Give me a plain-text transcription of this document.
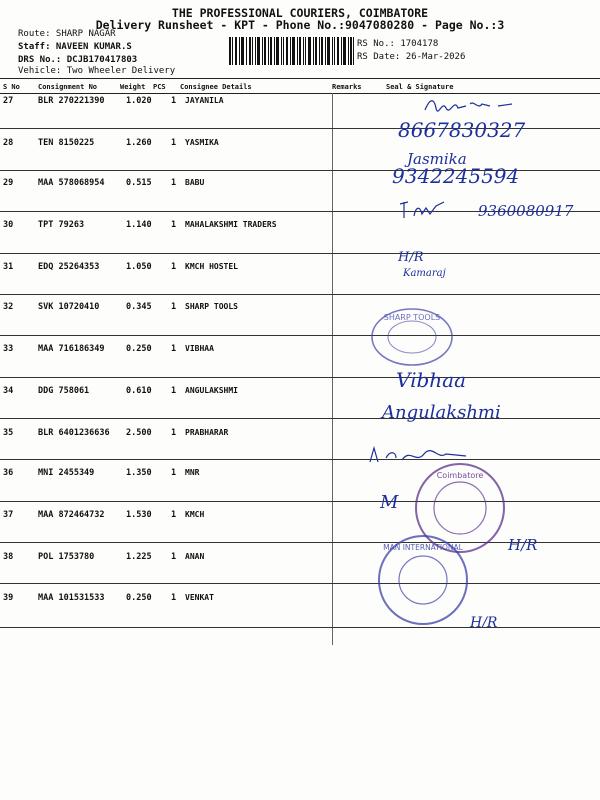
THE PROFESSIONAL COURIERS, COIMBATORE
Delivery Runsheet - KPT - Phone No.:9047080280 - Page No.:3
Route: SHARP NAGAR
Staff: NAVEEN KUMAR.S
DRS No.: DCJB170417803
Vehicle: Two Wheeler Delivery
RS No.: 1704178
RS Date: 26-Mar-2026
S No	Consignment No	Weight PCS Consignee Details	Remarks	Seal & Signature
27	BLR 270221390	1.020 1 JAYANILA
28	TEN 8150225	1.260 1 YASMIKA
29	MAA 578068954	0.515 1 BABU
30	TPT 79263	1.140 1 MAHALAKSHMI TRADERS
31	EDQ 25264353	1.050 1 KMCH HOSTEL
32	SVK 10720410	0.345 1 SHARP TOOLS
33	MAA 716186349	0.250 1 VIBHAA
34	DDG 758061	0.610 1 ANGULAKSHMI
35	BLR 6401236636 2.500 1 PRABHARAR
36	MNI 2455349	1.350 1 MNR
37	MAA 872464732	1.530 1 KMCH
38	POL 1753780	1.225 1 ANAN
39	MAA 101531533	0.250 1 VENKAT
8667830327
Jasmika
9342245594
9360080917
H/R
Kamaraj
Vibhaa
Angulakshmi
M
H/R
H/R
SHARP TOOLS
Coimbatore
MAN INTERNATIONAL
